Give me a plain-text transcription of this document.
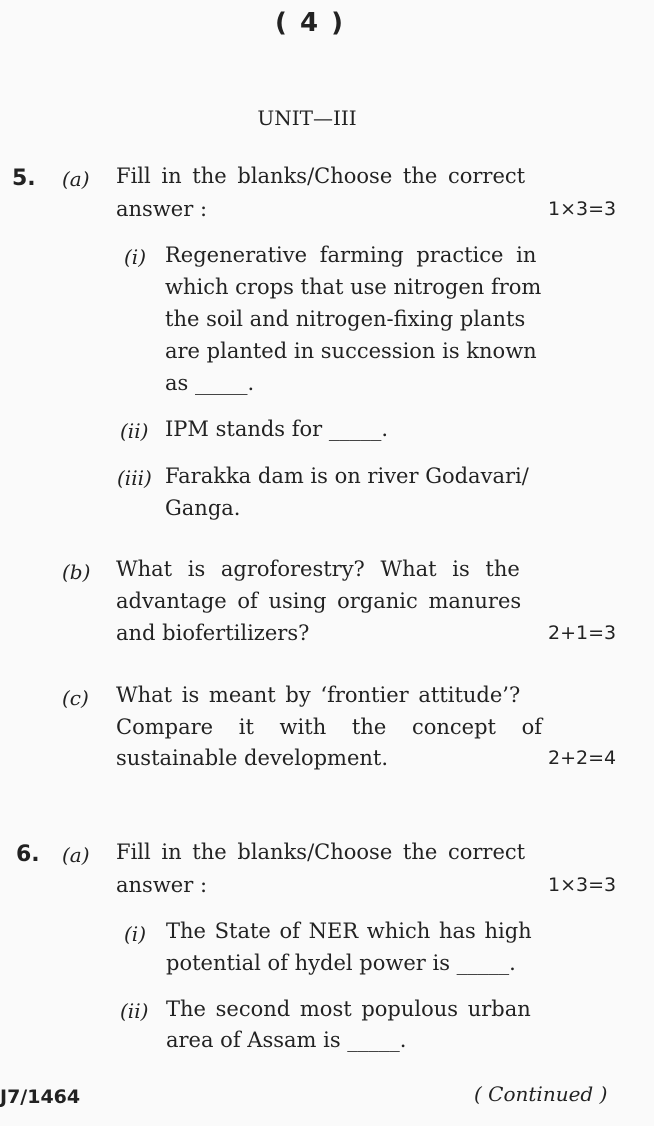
( 4 )
UNIT—III
5. (a) Fill in the blanks/Choose the correct
answer :	1×3=3
(i) Regenerative farming practice in
which crops that use nitrogen from
the soil and nitrogen-fixing plants
are planted in succession is known
as _____.
(ii) IPM stands for _____.
(iii) Farakka dam is on river Godavari/
Ganga.
(b) What is agroforestry? What is the
advantage of using organic manures
and biofertilizers?	2+1=3
(c) What is meant by ‘frontier attitude’?
Compare it with the concept of
sustainable development.	2+2=4
6. (a) Fill in the blanks/Choose the correct
answer :	1×3=3
(i) The State of NER which has high
potential of hydel power is _____.
(ii) The second most populous urban
area of Assam is _____.
J7/1464	( Continued )
